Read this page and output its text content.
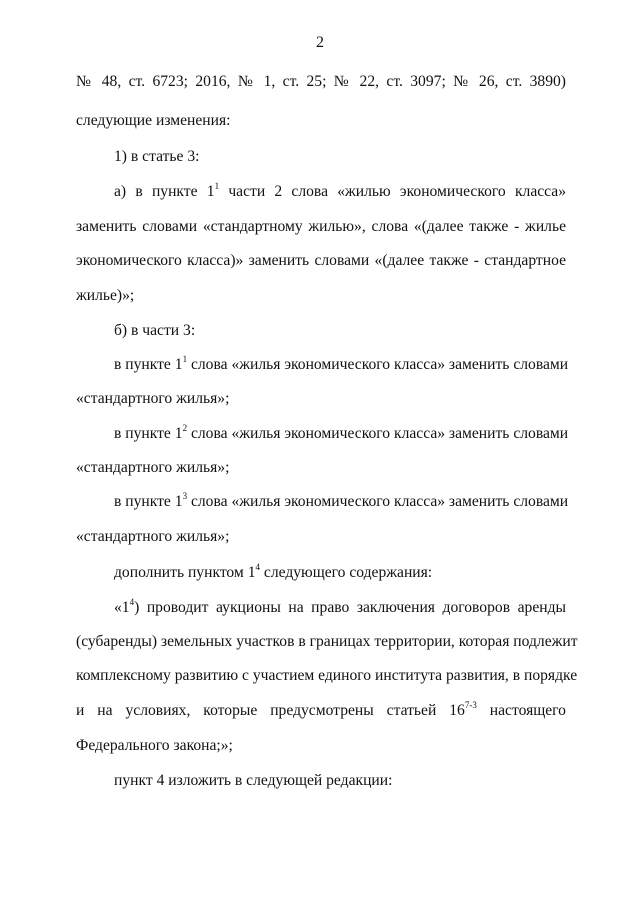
2
№ 48, ст. 6723; 2016, № 1, ст. 25; № 22, ст. 3097; № 26, ст. 3890)
следующие изменения:
1) в статье 3:
а) в пункте $1^1$ части 2 слова «жилью экономического класса»
заменить словами «стандартному жилью», слова «(далее также - жилье
экономического класса)» заменить словами «(далее также - стандартное
жилье)»;
б) в части 3:
в пункте $1^1$ слова «жилья экономического класса» заменить словами
«стандартного жилья»;
в пункте $1^2$ слова «жилья экономического класса» заменить словами
«стандартного жилья»;
в пункте $1^3$ слова «жилья экономического класса» заменить словами
«стандартного жилья»;
дополнить пунктом $1^4$ следующего содержания:
«$1^4$) проводит аукционы на право заключения договоров аренды
(субаренды) земельных участков в границах территории, которая подлежит
комплексному развитию с участием единого института развития, в порядке
и на условиях, которые предусмотрены статьей 16$^{7-3}$ настоящего
Федерального закона;»;
пункт 4 изложить в следующей редакции:
